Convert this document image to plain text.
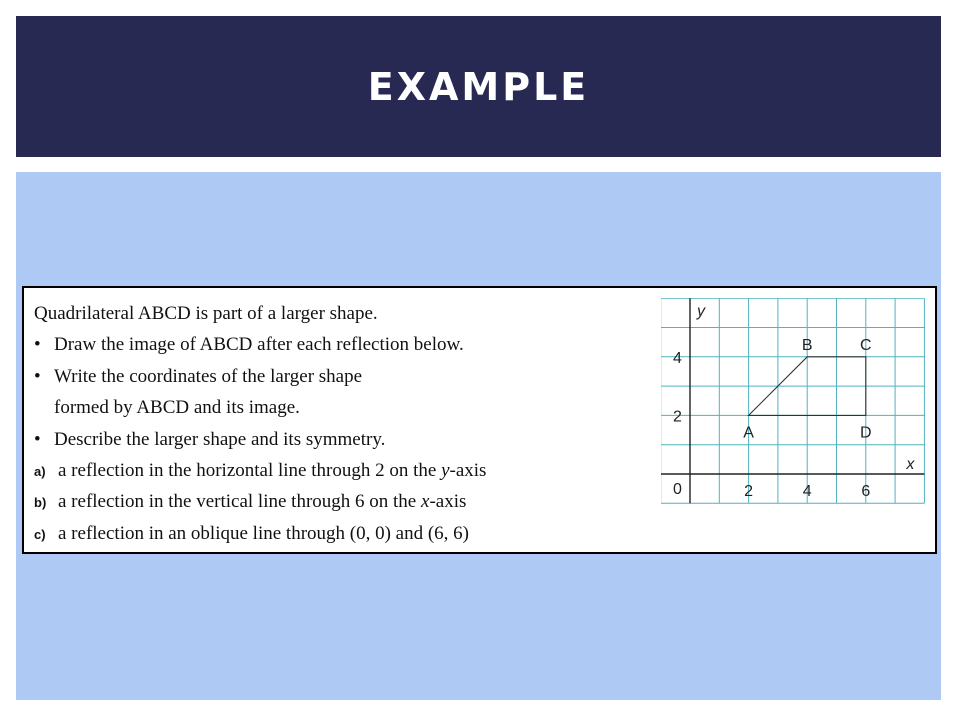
EXAMPLE
Quadrilateral ABCD is part of a larger shape.
• Draw the image of ABCD after each reflection below.
• Write the coordinates of the larger shape
formed by ABCD and its image.
• Describe the larger shape and its symmetry.
a) a reflection in the horizontal line through 2 on the y-axis
b) a reflection in the vertical line through 6 on the x-axis
c) a reflection in an oblique line through (0, 0) and (6, 6)
y
x
0	2	4	6
2
4
A
B	C
D
